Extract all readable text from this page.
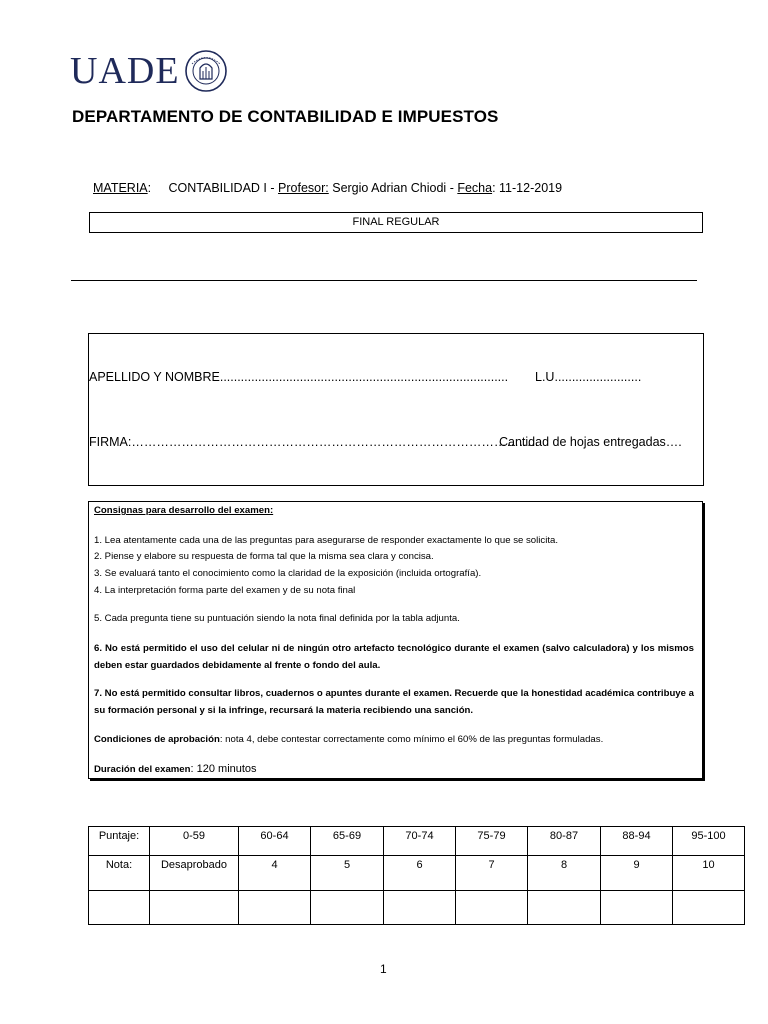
UADE
DEPARTAMENTO DE CONTABILIDAD E IMPUESTOS
MATERIA:     CONTABILIDAD I - Profesor: Sergio Adrian Chiodi - Fecha: 11-12-2019
FINAL REGULAR
APELLIDO Y NOMBRE................................................................................... L.U.........................
FIRMA:……………………………………………………………………………………..
Cantidad de hojas entregadas….
Consignas para desarrollo del examen:
1. Lea atentamente cada una de las preguntas para asegurarse de responder exactamente lo que se solicita.
2. Piense y elabore su respuesta de forma tal que la misma sea clara y concisa.
3. Se evaluará tanto el conocimiento como la claridad de la exposición (incluida ortografía).
4. La interpretación forma parte del examen y de su nota final
5. Cada pregunta tiene su puntuación siendo la nota final definida por la tabla adjunta.
6. No está permitido el uso del celular ni de ningún otro artefacto tecnológico durante el examen (salvo calculadora) y los mismos deben estar guardados debidamente al frente o fondo del aula.
7. No está permitido consultar libros, cuadernos o apuntes durante el examen. Recuerde que la honestidad académica contribuye a su formación personal y si la infringe, recursará la materia recibiendo una sanción.
Condiciones de aprobación: nota 4, debe contestar correctamente como mínimo el 60% de las preguntas formuladas.
Duración del examen: 120 minutos
Puntaje:	0-59	60-64	65-69	70-74	75-79	80-87	88-94	95-100
Nota:	Desaprobado	4	5	6	7	8	9	10

1
